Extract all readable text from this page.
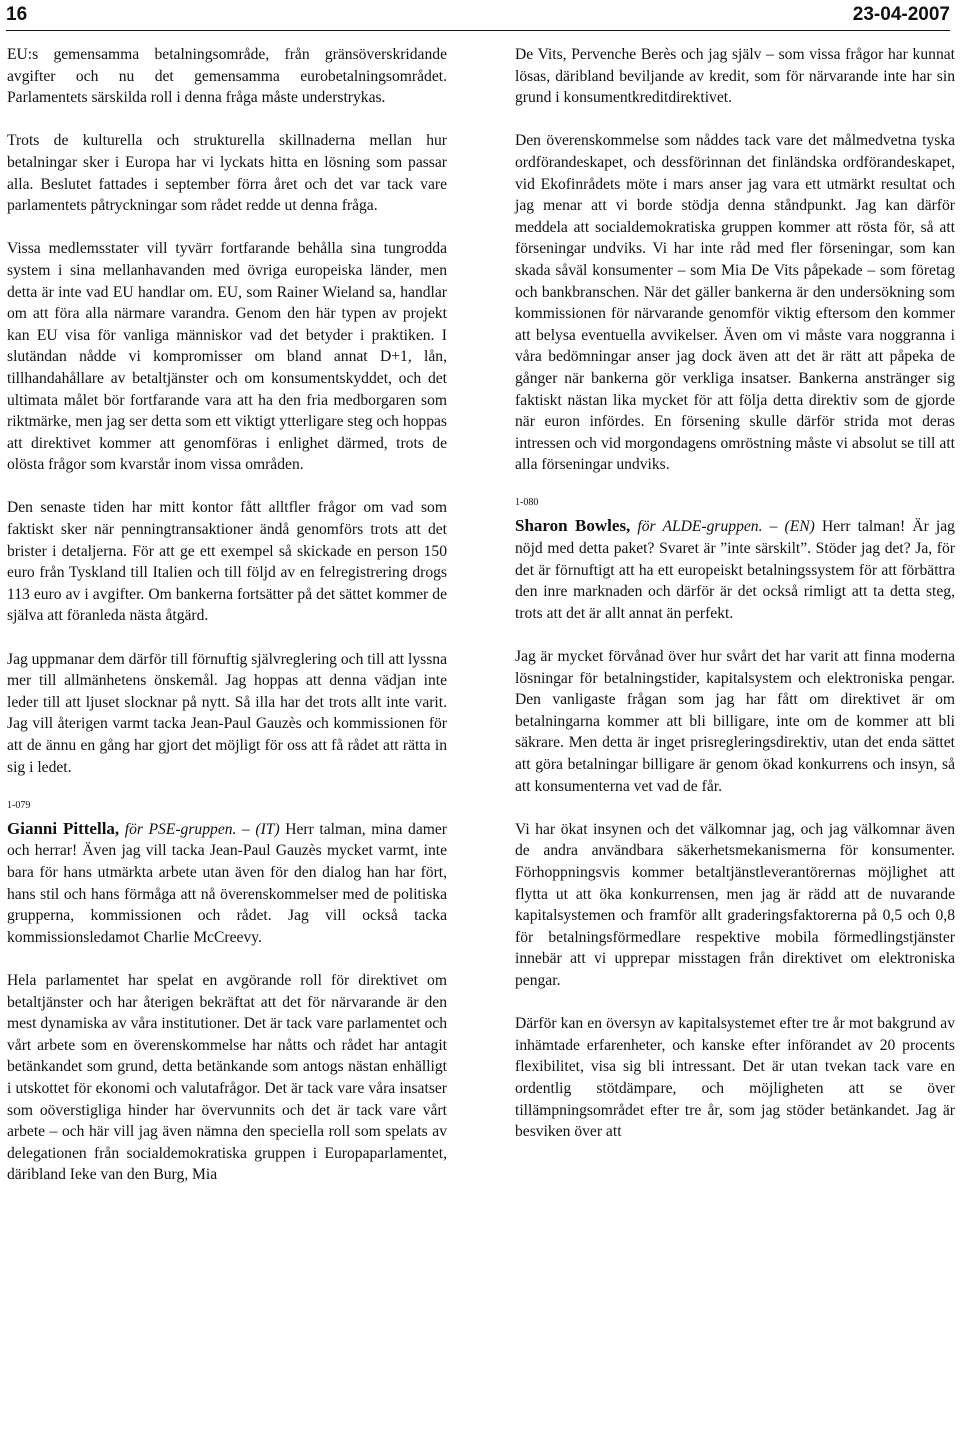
16	23-04-2007

EU:s gemensamma betalningsområde, från gränsöverskridande avgifter och nu det gemensamma eurobetalningsområdet. Parlamentets särskilda roll i denna fråga måste understrykas.

Trots de kulturella och strukturella skillnaderna mellan hur betalningar sker i Europa har vi lyckats hitta en lösning som passar alla. Beslutet fattades i september förra året och det var tack vare parlamentets påtryckningar som rådet redde ut denna fråga.

Vissa medlemsstater vill tyvärr fortfarande behålla sina tungrodda system i sina mellanhavanden med övriga europeiska länder, men detta är inte vad EU handlar om. EU, som Rainer Wieland sa, handlar om att föra alla närmare varandra. Genom den här typen av projekt kan EU visa för vanliga människor vad det betyder i praktiken. I slutändan nådde vi kompromisser om bland annat D+1, lån, tillhandahållare av betaltjänster och om konsumentskyddet, och det ultimata målet bör fortfarande vara att ha den fria medborgaren som riktmärke, men jag ser detta som ett viktigt ytterligare steg och hoppas att direktivet kommer att genomföras i enlighet därmed, trots de olösta frågor som kvarstår inom vissa områden.

Den senaste tiden har mitt kontor fått alltfler frågor om vad som faktiskt sker när penningtransaktioner ändå genomförs trots att det brister i detaljerna. För att ge ett exempel så skickade en person 150 euro från Tyskland till Italien och till följd av en felregistrering drogs 113 euro av i avgifter. Om bankerna fortsätter på det sättet kommer de själva att föranleda nästa åtgärd.

Jag uppmanar dem därför till förnuftig självreglering och till att lyssna mer till allmänhetens önskemål. Jag hoppas att denna vädjan inte leder till att ljuset slocknar på nytt. Så illa har det trots allt inte varit. Jag vill återigen varmt tacka Jean-Paul Gauzès och kommissionen för att de ännu en gång har gjort det möjligt för oss att få rådet att rätta in sig i ledet.

1-079

Gianni Pittella, för PSE-gruppen. – (IT) Herr talman, mina damer och herrar! Även jag vill tacka Jean-Paul Gauzès mycket varmt, inte bara för hans utmärkta arbete utan även för den dialog han har fört, hans stil och hans förmåga att nå överenskommelser med de politiska grupperna, kommissionen och rådet. Jag vill också tacka kommissionsledamot Charlie McCreevy.

Hela parlamentet har spelat en avgörande roll för direktivet om betaltjänster och har återigen bekräftat att det för närvarande är den mest dynamiska av våra institutioner. Det är tack vare parlamentet och vårt arbete som en överenskommelse har nåtts och rådet har antagit betänkandet som grund, detta betänkande som antogs nästan enhälligt i utskottet för ekonomi och valutafrågor. Det är tack vare våra insatser som oöverstigliga hinder har övervunnits och det är tack vare vårt arbete – och här vill jag även nämna den speciella roll som spelats av delegationen från socialdemokratiska gruppen i Europaparlamentet, däribland Ieke van den Burg, Mia

De Vits, Pervenche Berès och jag själv – som vissa frågor har kunnat lösas, däribland beviljande av kredit, som för närvarande inte har sin grund i konsumentkreditdirektivet.

Den överenskommelse som nåddes tack vare det målmedvetna tyska ordförandeskapet, och dessförinnan det finländska ordförandeskapet, vid Ekofinrådets möte i mars anser jag vara ett utmärkt resultat och jag menar att vi borde stödja denna ståndpunkt. Jag kan därför meddela att socialdemokratiska gruppen kommer att rösta för, så att förseningar undviks. Vi har inte råd med fler förseningar, som kan skada såväl konsumenter – som Mia De Vits påpekade – som företag och bankbranschen. När det gäller bankerna är den undersökning som kommissionen för närvarande genomför viktig eftersom den kommer att belysa eventuella avvikelser. Även om vi måste vara noggranna i våra bedömningar anser jag dock även att det är rätt att påpeka de gånger när bankerna gör verkliga insatser. Bankerna anstränger sig faktiskt nästan lika mycket för att följa detta direktiv som de gjorde när euron infördes. En försening skulle därför strida mot deras intressen och vid morgondagens omröstning måste vi absolut se till att alla förseningar undviks.

1-080

Sharon Bowles, för ALDE-gruppen. – (EN) Herr talman! Är jag nöjd med detta paket? Svaret är ”inte särskilt”. Stöder jag det? Ja, för det är förnuftigt att ha ett europeiskt betalningssystem för att förbättra den inre marknaden och därför är det också rimligt att ta detta steg, trots att det är allt annat än perfekt.

Jag är mycket förvånad över hur svårt det har varit att finna moderna lösningar för betalningstider, kapitalsystem och elektroniska pengar. Den vanligaste frågan som jag har fått om direktivet är om betalningarna kommer att bli billigare, inte om de kommer att bli säkrare. Men detta är inget prisregleringsdirektiv, utan det enda sättet att göra betalningar billigare är genom ökad konkurrens och insyn, så att konsumenterna vet vad de får.

Vi har ökat insynen och det välkomnar jag, och jag välkomnar även de andra användbara säkerhetsmekanismerna för konsumenter. Förhoppningsvis kommer betaltjänstleverantörernas möjlighet att flytta ut att öka konkurrensen, men jag är rädd att de nuvarande kapitalsystemen och framför allt graderingsfaktorerna på 0,5 och 0,8 för betalningsförmedlare respektive mobila förmedlingstjänster innebär att vi upprepar misstagen från direktivet om elektroniska pengar.

Därför kan en översyn av kapitalsystemet efter tre år mot bakgrund av inhämtade erfarenheter, och kanske efter införandet av 20 procents flexibilitet, visa sig bli intressant. Det är utan tvekan tack vare en ordentlig stötdämpare, och möjligheten att se över tillämpningsområdet efter tre år, som jag stöder betänkandet. Jag är besviken över att
